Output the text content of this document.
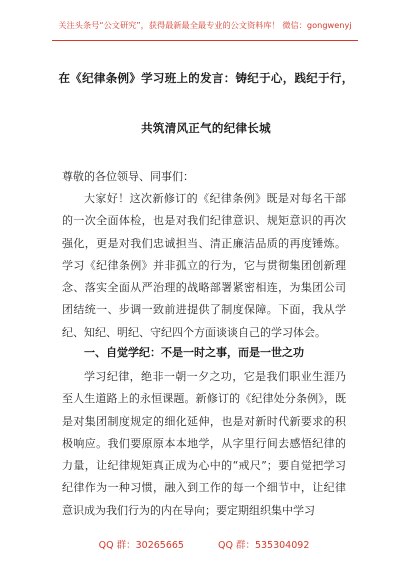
关注头条号“公文研究”，获得最新最全最专业的公文资料库！ 微信：gongwenyj
在《纪律条例》学习班上的发言：铸纪于心，践纪于行，
共筑清风正气的纪律长城
尊敬的各位领导、同事们：
大家好！这次新修订的《纪律条例》既是对每名干部的一次全面体检，也是对我们纪律意识、规矩意识的再次强化，更是对我们忠诚担当、清正廉洁品质的再度锤炼。学习《纪律条例》并非孤立的行为，它与贯彻集团创新理念、落实全面从严治理的战略部署紧密相连，为集团公司团结统一、步调一致前进提供了制度保障。下面，我从学纪、知纪、明纪、守纪四个方面谈谈自己的学习体会。
一、自觉学纪：不是一时之事，而是一世之功
学习纪律，绝非一朝一夕之功，它是我们职业生涯乃至人生道路上的永恒课题。新修订的《纪律处分条例》，既是对集团制度规定的细化延伸，也是对新时代新要求的积极响应。我们要原原本本地学，从字里行间去感悟纪律的力量，让纪律规矩真正成为心中的“戒尺”；要自觉把学习纪律作为一种习惯，融入到工作的每一个细节中，让纪律意识成为我们行为的内在导向；要定期组织集中学习
QQ 群：30265665	QQ 群：535304092
